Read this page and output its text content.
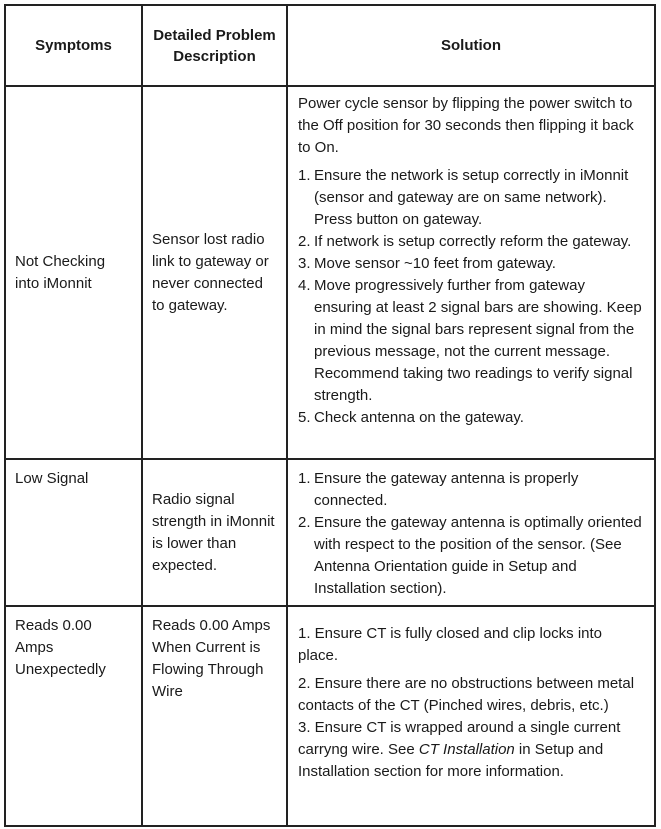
Symptoms
Detailed Problem Description
Solution
Not Checking into iMonnit
Sensor lost radio link to gateway or never connected to gateway.

Power cycle sensor by flipping the power switch to the Off position for 30 seconds then flipping it back to On.

1. Ensure the network is setup correctly in iMonnit (sensor and gateway are on same network). Press button on gateway.
2. If network is setup correctly reform the gateway.
3. Move sensor ~10 feet from gateway.
4. Move progressively further from gateway ensuring at least 2 signal bars are showing. Keep in mind the signal bars represent signal from the previous message, not the current message. Recommend taking two readings to verify signal strength.
5. Check antenna on the gateway.
Low Signal
Radio signal strength in iMonnit is lower than expected.
1. Ensure the gateway antenna is properly connected.
2. Ensure the gateway antenna is optimally oriented with respect to the position of the sensor. (See Antenna Orientation guide in Setup and Installation section).
Reads 0.00 Amps Unexpectedly
Reads 0.00 Amps When Current is Flowing Through Wire

1. Ensure CT is fully closed and clip locks into place.

2. Ensure there are no obstructions between metal contacts of the CT (Pinched wires, debris, etc.)

3. Ensure CT is wrapped around a single current carryng wire. See CT Installation in Setup and Installation section for more information.
